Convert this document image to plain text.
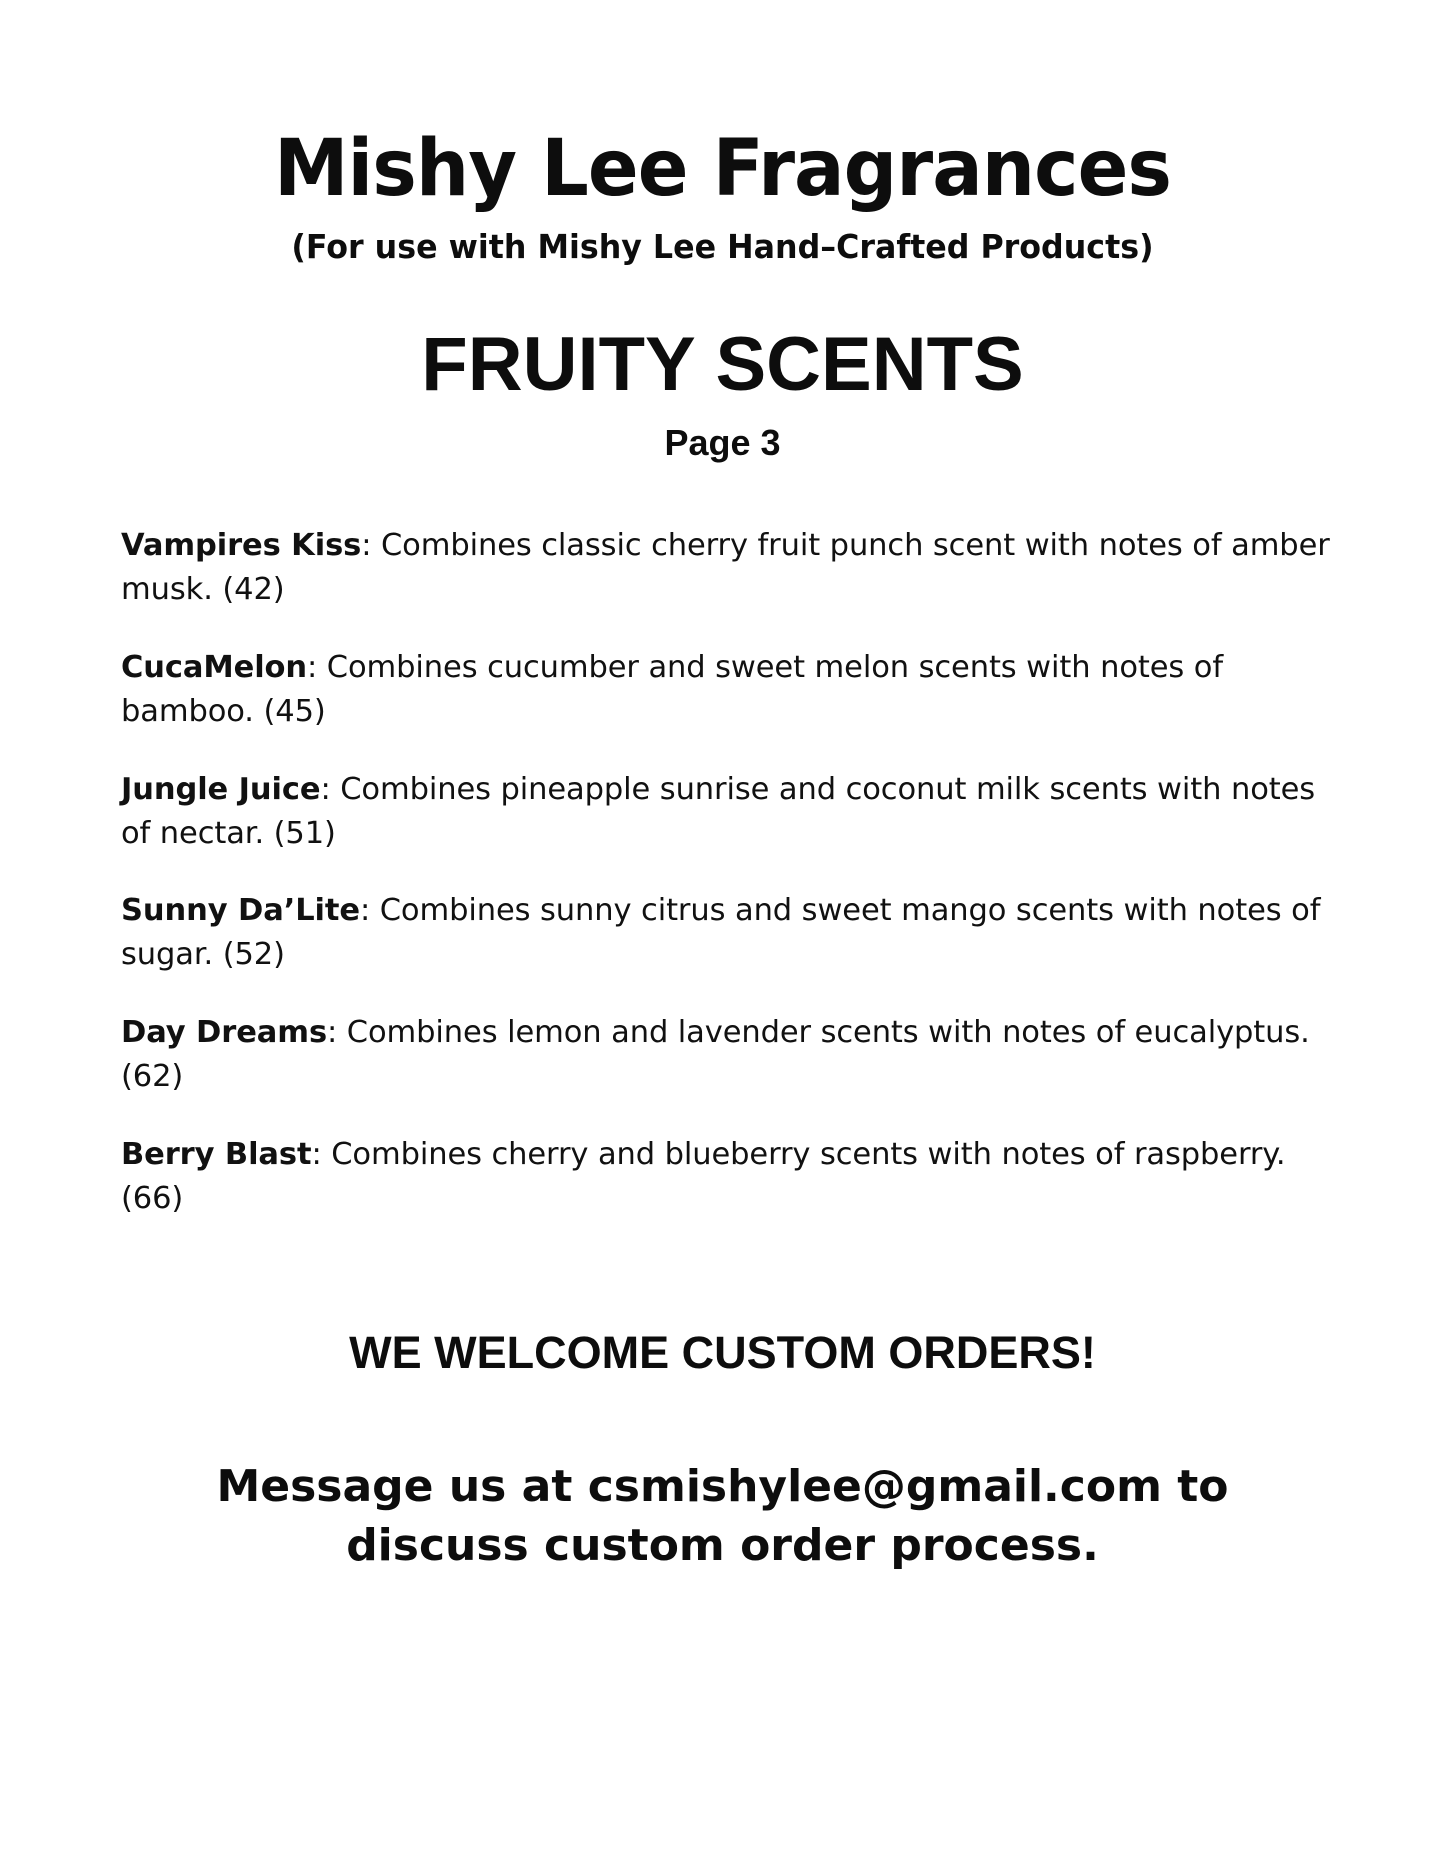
Mishy Lee Fragrances

(For use with Mishy Lee Hand–Crafted Products)

FRUITY SCENTS

Page 3

Vampires Kiss: Combines classic cherry fruit punch scent with notes of amber musk. (42)

CucaMelon: Combines cucumber and sweet melon scents with notes of bamboo. (45)

Jungle Juice: Combines pineapple sunrise and coconut milk scents with notes of nectar. (51)

Sunny Da’Lite: Combines sunny citrus and sweet mango scents with notes of sugar. (52)

Day Dreams: Combines lemon and lavender scents with notes of eucalyptus. (62)

Berry Blast: Combines cherry and blueberry scents with notes of raspberry. (66)

WE WELCOME CUSTOM ORDERS!

Message us at csmishylee@gmail.com to discuss custom order process.
